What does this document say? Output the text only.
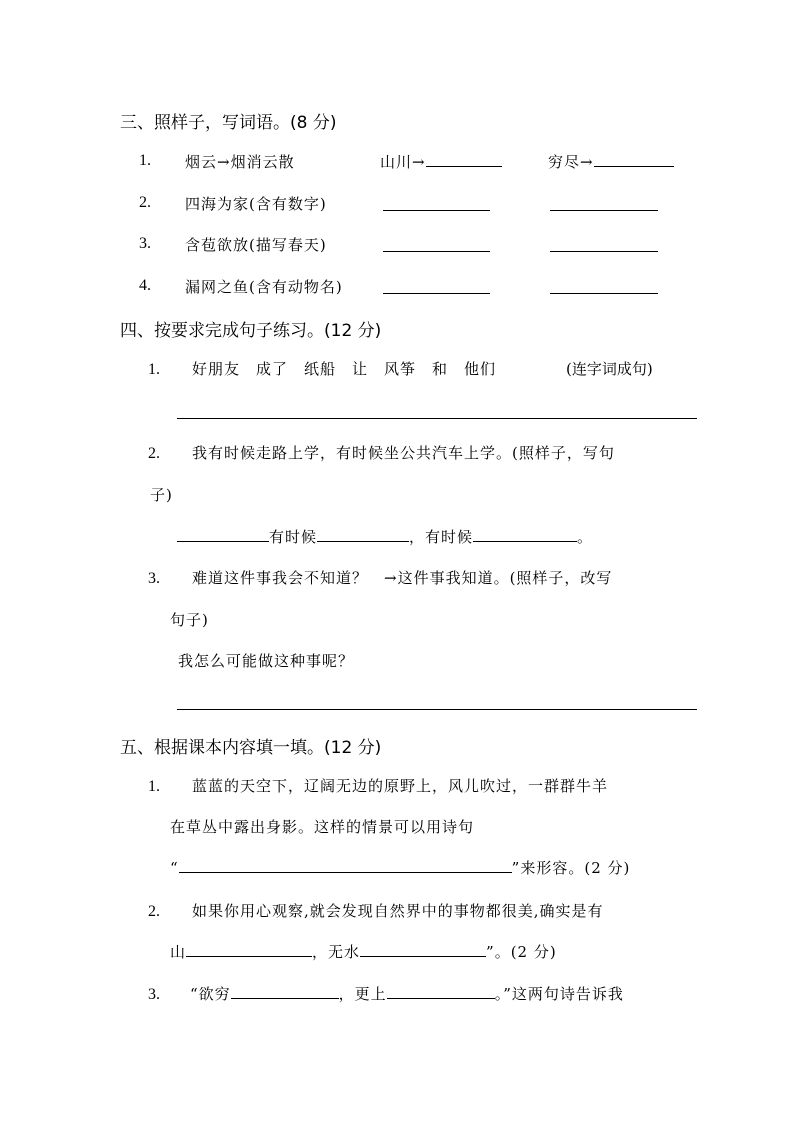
三、照样子，写词语。(8 分)
1. 烟云→烟消云散	山川→	穷尽→
2. 四海为家(含有数字)
3. 含苞欲放(描写春天)
4. 漏网之鱼(含有动物名)
四、按要求完成句子练习。(12 分)
1. 好朋友　成了　纸船　让　风筝　和　他们	(连字词成句)
2. 我有时候走路上学，有时候坐公共汽车上学。(照样子，写句
子)
有时候	，有时候	。
3. 难道这件事我会不知道？　→这件事我知道。(照样子，改写
句子)
我怎么可能做这种事呢？
五、根据课本内容填一填。(12 分)
1. 蓝蓝的天空下，辽阔无边的原野上，风儿吹过，一群群牛羊
在草丛中露出身影。这样的情景可以用诗句
“	”来形容。(2 分)
2. 如果你用心观察,就会发现自然界中的事物都很美,确实是有
山	，无水	”。(2 分)
3. “欲穷	，更上	。”这两句诗告诉我
